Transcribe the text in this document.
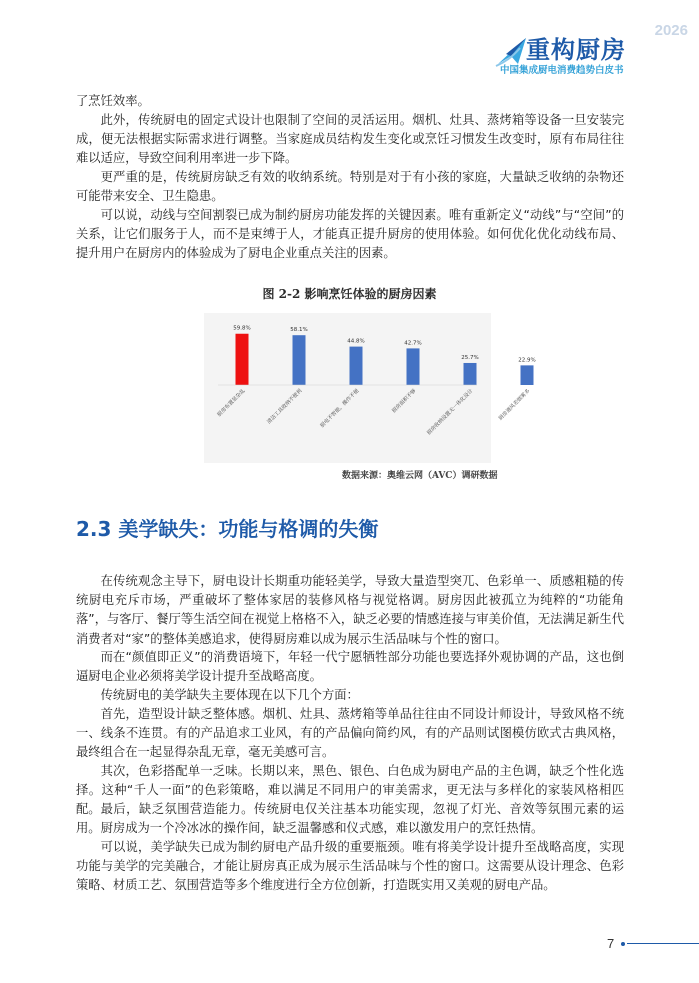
2026
重构厨房
中国集成厨电消费趋势白皮书

了烹饪效率。

此外，传统厨电的固定式设计也限制了空间的灵活运用。烟机、灶具、蒸烤箱等设备一旦安装完成，便无法根据实际需求进行调整。当家庭成员结构发生变化或烹饪习惯发生改变时，原有布局往往难以适应，导致空间利用率进一步下降。

更严重的是，传统厨房缺乏有效的收纳系统。特别是对于有小孩的家庭，大量缺乏收纳的杂物还可能带来安全、卫生隐患。

可以说，动线与空间割裂已成为制约厨房功能发挥的关键因素。唯有重新定义“动线”与“空间”的关系，让它们服务于人，而不是束缚于人，才能真正提升厨房的使用体验。如何优化优化动线布局、提升用户在厨房内的体验成为了厨电企业重点关注的因素。

图 2-2 影响烹饪体验的厨房因素
59.8%
厨房布置显杂乱
58.1%
清洁工具收纳不便利
44.8%
厨电不智能，操作不便
42.7%
厨房面积不够
25.7%
厨房收纳设置无一体化设计
22.9%
厨房通风差烟雾多
数据来源：奥维云网（AVC）调研数据
2.3 美学缺失：功能与格调的失衡

在传统观念主导下，厨电设计长期重功能轻美学，导致大量造型突兀、色彩单一、质感粗糙的传统厨电充斥市场，严重破坏了整体家居的装修风格与视觉格调。厨房因此被孤立为纯粹的“功能角落”，与客厅、餐厅等生活空间在视觉上格格不入，缺乏必要的情感连接与审美价值，无法满足新生代消费者对“家”的整体美感追求，使得厨房难以成为展示生活品味与个性的窗口。

而在“颜值即正义”的消费语境下，年轻一代宁愿牺牲部分功能也要选择外观协调的产品，这也倒逼厨电企业必须将美学设计提升至战略高度。

传统厨电的美学缺失主要体现在以下几个方面：

首先，造型设计缺乏整体感。烟机、灶具、蒸烤箱等单品往往由不同设计师设计，导致风格不统一、线条不连贯。有的产品追求工业风，有的产品偏向简约风，有的产品则试图模仿欧式古典风格，最终组合在一起显得杂乱无章，毫无美感可言。

其次，色彩搭配单一乏味。长期以来，黑色、银色、白色成为厨电产品的主色调，缺乏个性化选择。这种“千人一面”的色彩策略，难以满足不同用户的审美需求，更无法与多样化的家装风格相匹配。 最后，缺乏氛围营造能力。传统厨电仅关注基本功能实现，忽视了灯光、音效等氛围元素的运用。厨房成为一个冷冰冰的操作间，缺乏温馨感和仪式感，难以激发用户的烹饪热情。

可以说，美学缺失已成为制约厨电产品升级的重要瓶颈。唯有将美学设计提升至战略高度，实现功能与美学的完美融合，才能让厨房真正成为展示生活品味与个性的窗口。这需要从设计理念、色彩策略、材质工艺、氛围营造等多个维度进行全方位创新，打造既实用又美观的厨电产品。

7
